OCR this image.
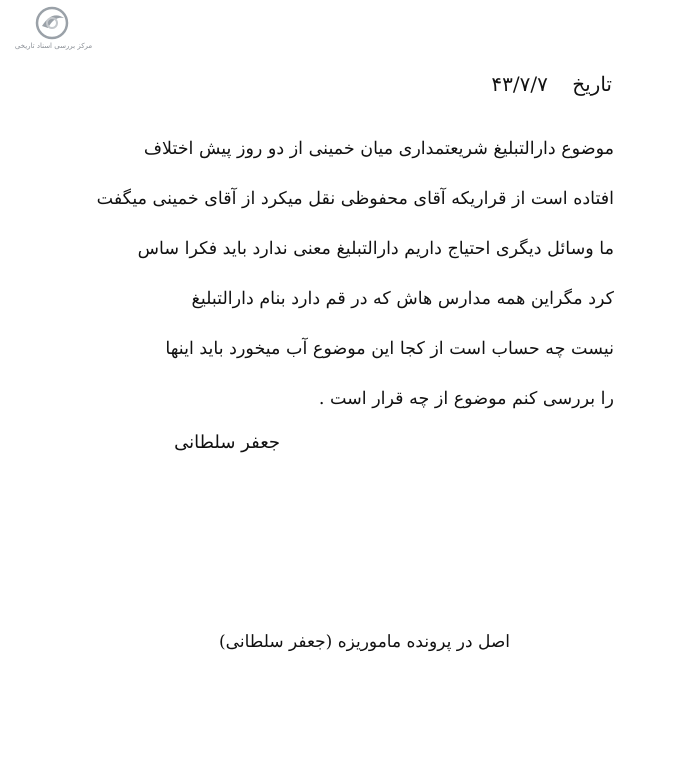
مرکز بررسی اسناد تاریخی
تاریخ ۴۳/۷/۷
موضوع دارالتبلیغ شریعتمداری میان خمینی از دو روز پیش اختلاف
افتاده است از قراریکه آقای محفوظی نقل میکرد از آقای خمینی میگفت
ما وسائل دیگری احتیاج داریم دارالتبلیغ معنی ندارد باید فکرا ساس
کرد مگراین همه مدارس هاش که در قم دارد بنام دارالتبلیغ
نیست چه حساب است از کجا این موضوع آب میخورد باید اینها
را بررسی کنم موضوع از چه قرار است .
جعفر سلطانی
اصل در پرونده ماموریزه (جعفر سلطانی)
